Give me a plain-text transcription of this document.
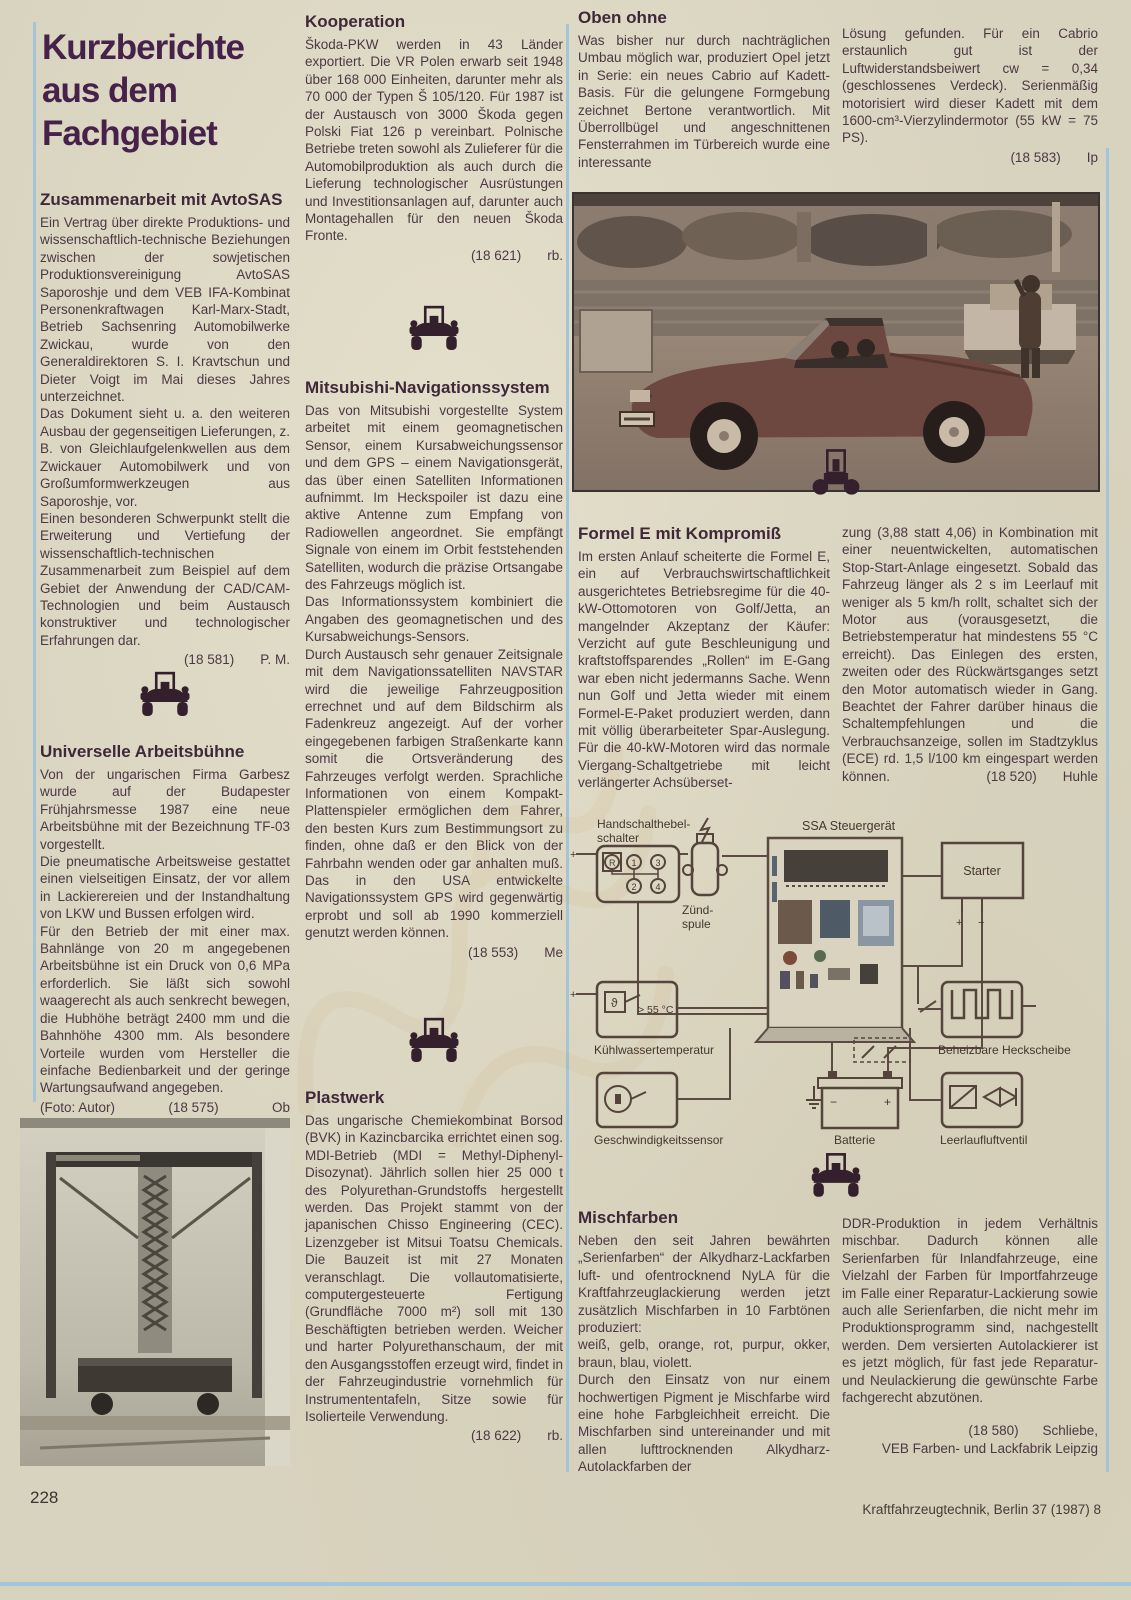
Kurzberichte
aus dem Fachgebiet
Zusammenarbeit mit AvtoSAS

Ein Vertrag über direkte Produktions- und wissenschaftlich-technische Beziehungen zwischen der sowjetischen Produktionsvereinigung AvtoSAS Saporoshje und dem VEB IFA-Kombinat Personenkraftwagen Karl-Marx-Stadt, Betrieb Sachsenring Automobilwerke Zwickau, wurde von den Generaldirektoren S. I. Kravtschun und Dieter Voigt im Mai dieses Jahres unterzeichnet.

Das Dokument sieht u. a. den weiteren Ausbau der gegenseitigen Lieferungen, z. B. von Gleichlaufgelenkwellen aus dem Zwickauer Automobilwerk und von Großumformwerkzeugen aus Saporoshje, vor.

Einen besonderen Schwerpunkt stellt die Erweiterung und Vertiefung der wissenschaftlich-technischen Zusammenarbeit zum Beispiel auf dem Gebiet der Anwendung der CAD/CAM-Technologien und beim Austausch konstruktiver und technologischer Erfahrungen dar.

(18 581) P. M.
Universelle Arbeitsbühne

Von der ungarischen Firma Garbesz wurde auf der Budapester Frühjahrsmesse 1987 eine neue Arbeitsbühne mit der Bezeichnung TF-03 vorgestellt.

Die pneumatische Arbeitsweise gestattet einen vielseitigen Einsatz, der vor allem in Lackierereien und der Instandhaltung von LKW und Bussen erfolgen wird.

Für den Betrieb der mit einer max. Bahnlänge von 20 m angegebenen Arbeitsbühne ist ein Druck von 0,6 MPa erforderlich. Sie läßt sich sowohl waagerecht als auch senkrecht bewegen, die Hubhöhe beträgt 2400 mm und die Bahnhöhe 4300 mm. Als besondere Vorteile wurden vom Hersteller die einfache Bedienbarkeit und der geringe Wartungsaufwand angegeben.

(Foto: Autor)	(18 575)	Ob
Kooperation

Škoda-PKW werden in 43 Länder exportiert. Die VR Polen erwarb seit 1948 über 168 000 Einheiten, darunter mehr als 70 000 der Typen Š 105/120. Für 1987 ist der Austausch von 3000 Škoda gegen Polski Fiat 126 p vereinbart. Polnische Betriebe treten sowohl als Zulieferer für die Automobilproduktion als auch durch die Lieferung technologischer Ausrüstungen und Investitionsanlagen auf, darunter auch Montagehallen für den neuen Škoda Fronte.

(18 621) rb.
Mitsubishi-Navigationssystem

Das von Mitsubishi vorgestellte System arbeitet mit einem geomagnetischen Sensor, einem Kursabweichungssensor und dem GPS – einem Navigationsgerät, das über einen Satelliten Informationen aufnimmt. Im Heckspoiler ist dazu eine aktive Antenne zum Empfang von Radiowellen angeordnet. Sie empfängt Signale von einem im Orbit feststehenden Satelliten, wodurch die präzise Ortsangabe des Fahrzeugs möglich ist.

Das Informationssystem kombiniert die Angaben des geomagnetischen und des Kursabweichungs-Sensors.

Durch Austausch sehr genauer Zeitsignale mit dem Navigationssatelliten NAVSTAR wird die jeweilige Fahrzeugposition errechnet und auf dem Bildschirm als Fadenkreuz angezeigt. Auf der vorher eingegebenen farbigen Straßenkarte kann somit die Ortsveränderung des Fahrzeuges verfolgt werden. Sprachliche Informationen von einem Kompakt-Plattenspieler ermöglichen dem Fahrer, den besten Kurs zum Bestimmungsort zu finden, ohne daß er den Blick von der Fahrbahn wenden oder gar anhalten muß. Das in den USA entwickelte Navigationssystem GPS wird gegenwärtig erprobt und soll ab 1990 kommerziell genutzt werden können.

(18 553) Me
Plastwerk

Das ungarische Chemiekombinat Borsod (BVK) in Kazincbarcika errichtet einen sog. MDI-Betrieb (MDI = Methyl-Diphenyl-Disozynat). Jährlich sollen hier 25 000 t des Polyurethan-Grundstoffs hergestellt werden. Das Projekt stammt von der japanischen Chisso Engineering (CEC). Lizenzgeber ist Mitsui Toatsu Chemicals. Die Bauzeit ist mit 27 Monaten veranschlagt. Die vollautomatisierte, computergesteuerte Fertigung (Grundfläche 7000 m²) soll mit 130 Beschäftigten betrieben werden. Weicher und harter Polyurethanschaum, der mit den Ausgangsstoffen erzeugt wird, findet in der Fahrzeugindustrie vornehmlich für Instrumententafeln, Sitze sowie für Isolierteile Verwendung.

(18 622) rb.
Oben ohne

Was bisher nur durch nachträglichen Umbau möglich war, produziert Opel jetzt in Serie: ein neues Cabrio auf Kadett-Basis. Für die gelungene Formgebung zeichnet Bertone verantwortlich. Mit Überrollbügel und angeschnittenen Fensterrahmen im Türbereich wurde eine interessante

Lösung gefunden. Für ein Cabrio erstaunlich gut ist der Luftwiderstandsbeiwert cw = 0,34 (geschlossenes Verdeck). Serienmäßig motorisiert wird dieser Kadett mit dem 1600-cm³-Vierzylindermotor (55 kW = 75 PS).

(18 583) Ip
Formel E mit Kompromiß

Im ersten Anlauf scheiterte die Formel E, ein auf Verbrauchswirtschaftlichkeit ausgerichtetes Betriebsregime für die 40-kW-Ottomotoren von Golf/Jetta, an mangelnder Akzeptanz der Käufer: Verzicht auf gute Beschleunigung und kraftstoffsparendes „Rollen“ im E-Gang war eben nicht jedermanns Sache. Wenn nun Golf und Jetta wieder mit einem Formel-E-Paket produziert werden, dann mit völlig überarbeiteter Spar-Auslegung. Für die 40-kW-Motoren wird das normale Viergang-Schaltgetriebe mit leicht verlängerter Achsüberset-

zung (3,88 statt 4,06) in Kombination mit einer neuentwickelten, automatischen Stop-Start-Anlage eingesetzt. Sobald das Fahrzeug länger als 2 s im Leerlauf mit weniger als 5 km/h rollt, schaltet sich der Motor aus (vorausgesetzt, die Betriebstemperatur hat mindestens 55 °C erreicht). Das Einlegen des ersten, zweiten oder des Rückwärtsganges setzt den Motor automatisch wieder in Gang. Beachtet der Fahrer darüber hinaus die Schaltempfehlungen und die Verbrauchsanzeige, sollen im Stadtzyklus (ECE) rd. 1,5 l/100 km eingespart werden können.	(18 520) Huhle
Handschalthebel-
schalter
R 1 3
2 4
+
Zünd-
spule
SSA Steuergerät
Starter
+ −
ϑ > 55 °C
Kühlwassertemperatur
+
Beheizbare Heckscheibe
Geschwindigkeitssensor
−	+
Batterie	Leerlaufluftventil
Mischfarben

Neben den seit Jahren bewährten „Serienfarben“ der Alkydharz-Lackfarben luft- und ofentrocknend NyLA für die Kraftfahrzeuglackierung werden jetzt zusätzlich Mischfarben in 10 Farbtönen produziert:

weiß, gelb, orange, rot, purpur, okker, braun, blau, violett.

Durch den Einsatz von nur einem hochwertigen Pigment je Mischfarbe wird eine hohe Farbgleichheit erreicht. Die Mischfarben sind untereinander und mit allen lufttrocknenden Alkydharz-Autolackfarben der

DDR-Produktion in jedem Verhältnis mischbar. Dadurch können alle Serienfarben für Inlandfahrzeuge, eine Vielzahl der Farben für Importfahrzeuge im Falle einer Reparatur-Lackierung sowie auch alle Serienfarben, die nicht mehr im Produktionsprogramm sind, nachgestellt werden. Dem versierten Autolackierer ist es jetzt möglich, für fast jede Reparatur- und Neulackierung die gewünschte Farbe fachgerecht abzutönen.

(18 580) Schliebe,
VEB Farben- und Lackfabrik Leipzig
228
Kraftfahrzeugtechnik, Berlin 37 (1987) 8
